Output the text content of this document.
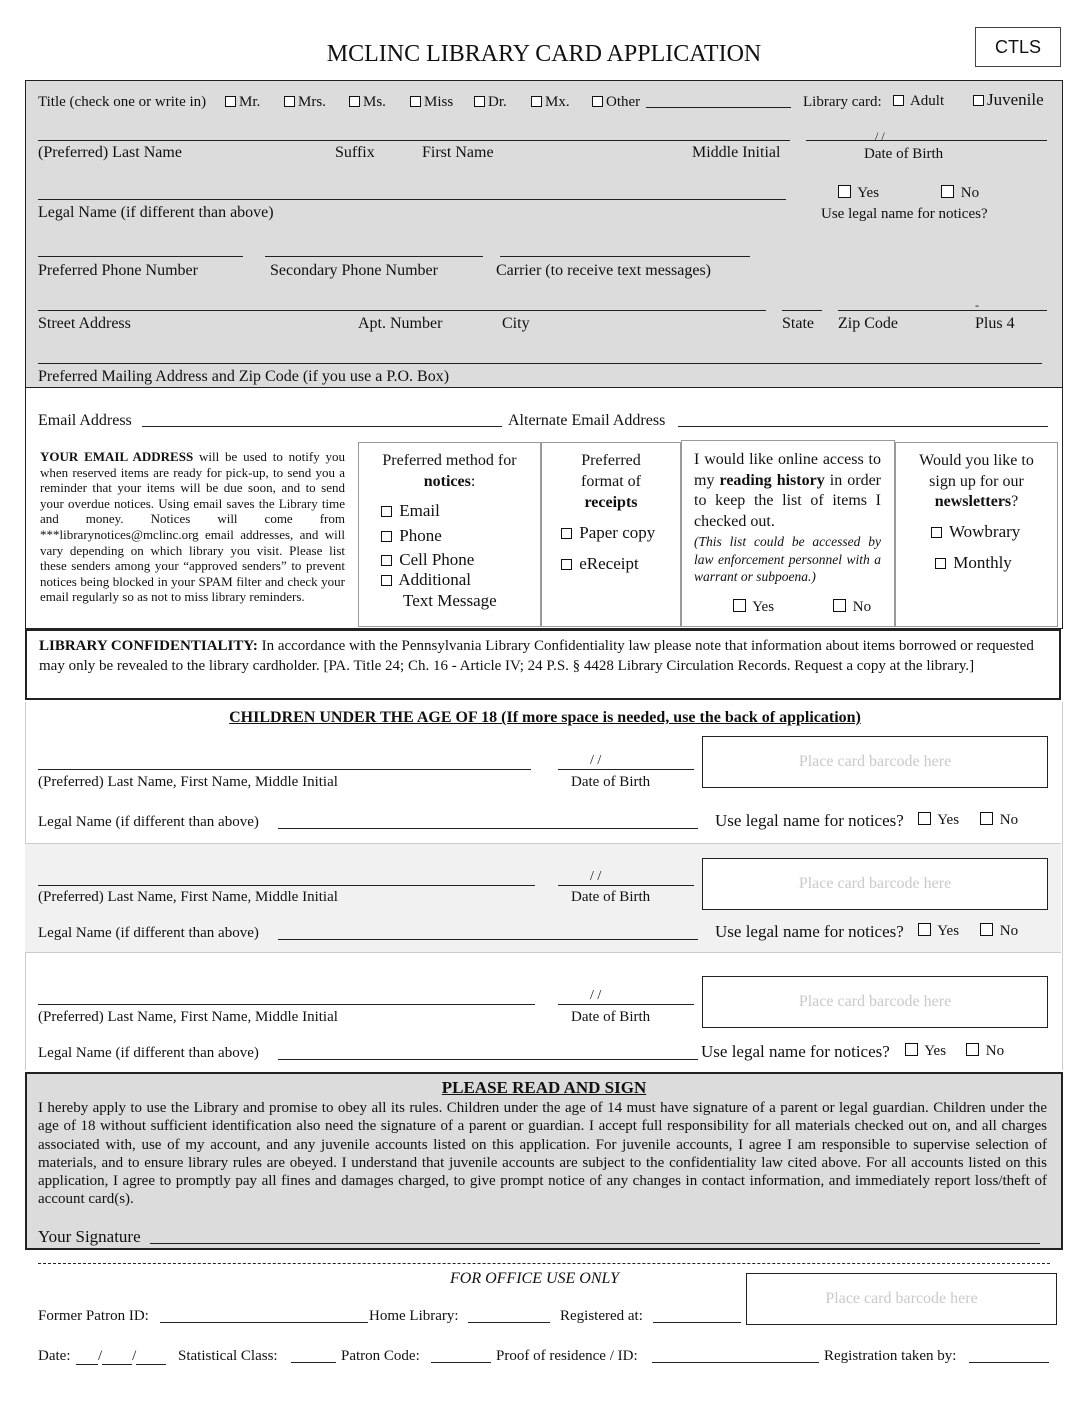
MCLINC LIBRARY CARD APPLICATION	CTLS
Title (check one or write in)	Mr.	Mrs.	Ms.	Miss	Dr.	Mx.	Other	Library card:	Adult	Juvenile
/ /
(Preferred) Last Name	Suffix	First Name	Middle Initial	Date of Birth
Legal Name (if different than above)
Yes	No
Use legal name for notices?
Preferred Phone Number	Secondary Phone Number	Carrier (to receive text messages)
-
Street Address	Apt. Number	City	State Zip Code	Plus 4
Preferred Mailing Address and Zip Code (if you use a P.O. Box)
Email Address	Alternate Email Address
YOUR EMAIL ADDRESS will be used to notify you when reserved items are ready for pick-up, to send you a reminder that your items will be due soon, and to send your overdue notices. Using email saves the Library time and money. Notices will come from ***librarynotices@mclinc.org email addresses, and will vary depending on which library you visit. Please list these senders among your “approved senders” to prevent notices being blocked in your SPAM filter and check your email regularly so as not to miss library reminders.
Preferred method for
notices:
Email
Phone
Cell Phone
Additional
Text Message
Preferred
format of
receipts
Paper copy
eReceipt
I would like online access to my reading history in order to keep the list of items I checked out.
(This list could be accessed by law enforcement personnel with a warrant or subpoena.)
Yes	No
Would you like to sign up for our newsletters?
Wowbrary
Monthly
LIBRARY CONFIDENTIALITY: In accordance with the Pennsylvania Library Confidentiality law please note that information about items borrowed or requested may only be revealed to the library cardholder. [PA. Title 24; Ch. 16 - Article IV; 24 P.S. § 4428 Library Circulation Records. Request a copy at the library.]
CHILDREN UNDER THE AGE OF 18 (If more space is needed, use the back of application)
/ /
(Preferred) Last Name, First Name, Middle Initial	Date of Birth
Place card barcode here
Legal Name (if different than above)	Use legal name for notices?	Yes	No
/ /
(Preferred) Last Name, First Name, Middle Initial	Date of Birth
Place card barcode here
Legal Name (if different than above)	Use legal name for notices?	Yes	No
/ /
(Preferred) Last Name, First Name, Middle Initial	Date of Birth
Place card barcode here
Legal Name (if different than above)	Use legal name for notices?	Yes	No
PLEASE READ AND SIGN
I hereby apply to use the Library and promise to obey all its rules. Children under the age of 14 must have signature of a parent or legal guardian. Children under the age of 18 without sufficient identification also need the signature of a parent or guardian. I accept full responsibility for all materials checked out on, and all charges associated with, use of my account, and any juvenile accounts listed on this application. For juvenile accounts, I agree I am responsible to supervise selection of materials, and to ensure library rules are obeyed. I understand that juvenile accounts are subject to the confidentiality law cited above. For all accounts listed on this application, I agree to promptly pay all fines and damages charged, to give prompt notice of any changes in contact information, and immediately report loss/theft of account card(s).
Your Signature
FOR OFFICE USE ONLY
Former Patron ID:	Home Library:	Registered at:
Place card barcode here
Date:	/ /	Statistical Class:	Patron Code:	Proof of residence / ID:	Registration taken by:
